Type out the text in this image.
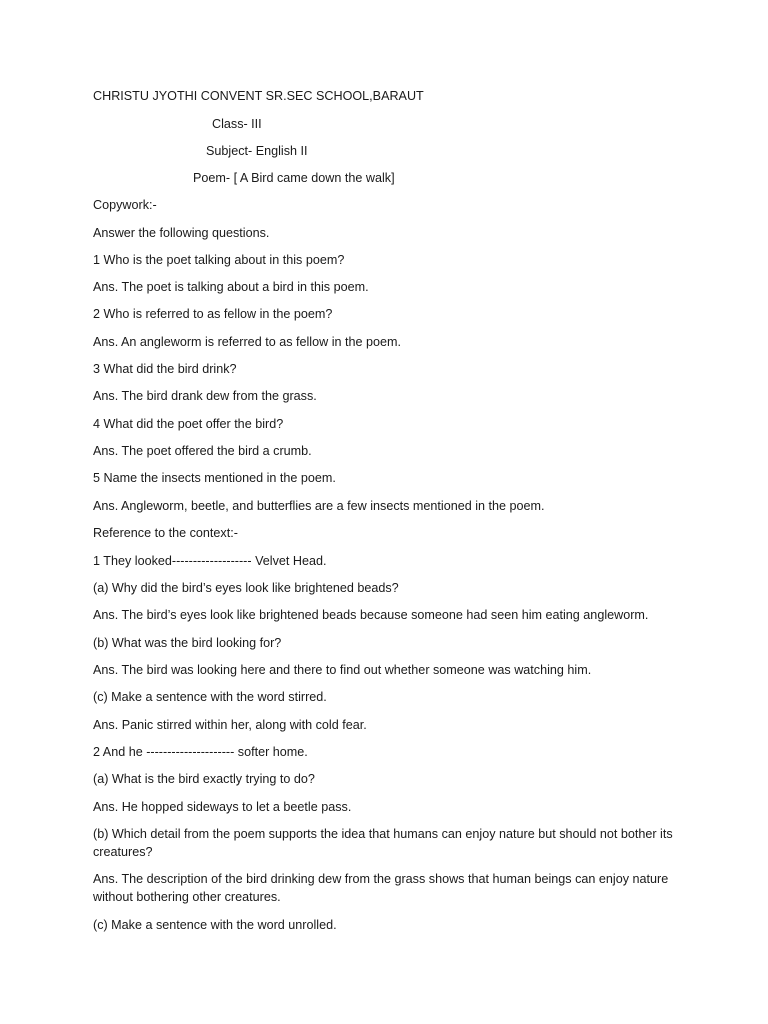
CHRISTU JYOTHI CONVENT SR.SEC SCHOOL,BARAUT

Class- III

Subject- English II

Poem- [ A Bird came down the walk]

Copywork:-

Answer the following questions.

1 Who is the poet talking about in this poem?

Ans. The poet is talking about a bird in this poem.

2 Who is referred to as fellow in the poem?

Ans. An angleworm is referred to as fellow in the poem.

3 What did the bird drink?

Ans. The bird drank dew from the grass.

4 What did the poet offer the bird?

Ans. The poet offered the bird a crumb.

5 Name the insects mentioned in the poem.

Ans. Angleworm, beetle, and butterflies are a few insects mentioned in the poem.

Reference to the context:-

1 They looked------------------- Velvet Head.

(a) Why did the bird’s eyes look like brightened beads?

Ans. The bird’s eyes look like brightened beads because someone had seen him eating angleworm.

(b) What was the bird looking for?

Ans. The bird was looking here and there to find out whether someone was watching him.

(c) Make a sentence with the word stirred.

Ans. Panic stirred within her, along with cold fear.

2 And he --------------------- softer home.

(a) What is the bird exactly trying to do?

Ans. He hopped sideways to let a beetle pass.

(b) Which detail from the poem supports the idea that humans can enjoy nature but should not bother its creatures?

Ans. The description of the bird drinking dew from the grass shows that human beings can enjoy nature without bothering other creatures.

(c) Make a sentence with the word unrolled.
